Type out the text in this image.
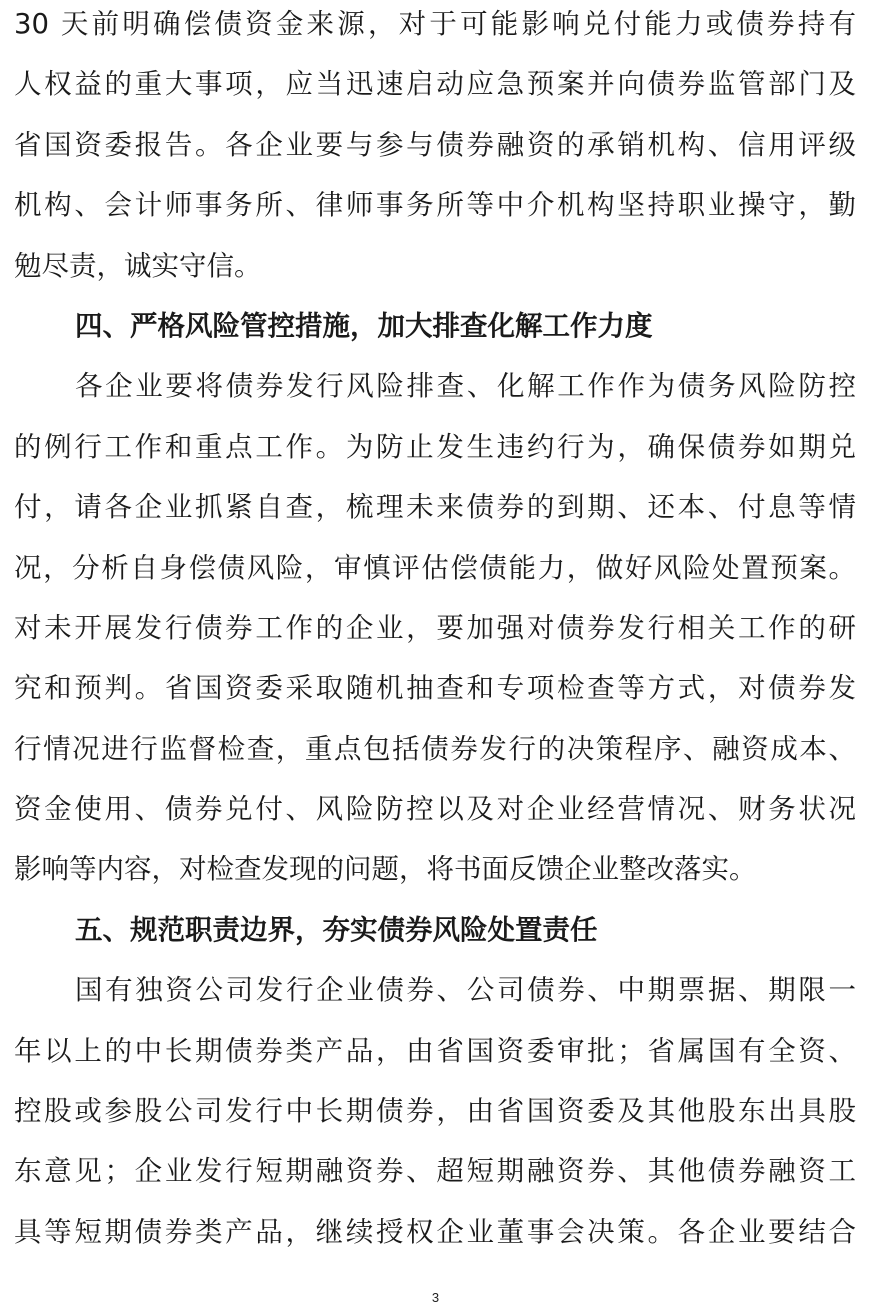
30 天前明确偿债资金来源，对于可能影响兑付能力或债券持有
人权益的重大事项，应当迅速启动应急预案并向债券监管部门及
省国资委报告。各企业要与参与债券融资的承销机构、信用评级
机构、会计师事务所、律师事务所等中介机构坚持职业操守，勤
勉尽责，诚实守信。
四、严格风险管控措施，加大排查化解工作力度
各企业要将债券发行风险排查、化解工作作为债务风险防控
的例行工作和重点工作。为防止发生违约行为，确保债券如期兑
付，请各企业抓紧自查，梳理未来债券的到期、还本、付息等情
况，分析自身偿债风险，审慎评估偿债能力，做好风险处置预案。
对未开展发行债券工作的企业，要加强对债券发行相关工作的研
究和预判。省国资委采取随机抽查和专项检查等方式，对债券发
行情况进行监督检查，重点包括债券发行的决策程序、融资成本、
资金使用、债券兑付、风险防控以及对企业经营情况、财务状况
影响等内容，对检查发现的问题，将书面反馈企业整改落实。
五、规范职责边界，夯实债券风险处置责任
国有独资公司发行企业债券、公司债券、中期票据、期限一
年以上的中长期债券类产品，由省国资委审批；省属国有全资、
控股或参股公司发行中长期债券，由省国资委及其他股东出具股
东意见；企业发行短期融资券、超短期融资券、其他债券融资工
具等短期债券类产品，继续授权企业董事会决策。各企业要结合
3
